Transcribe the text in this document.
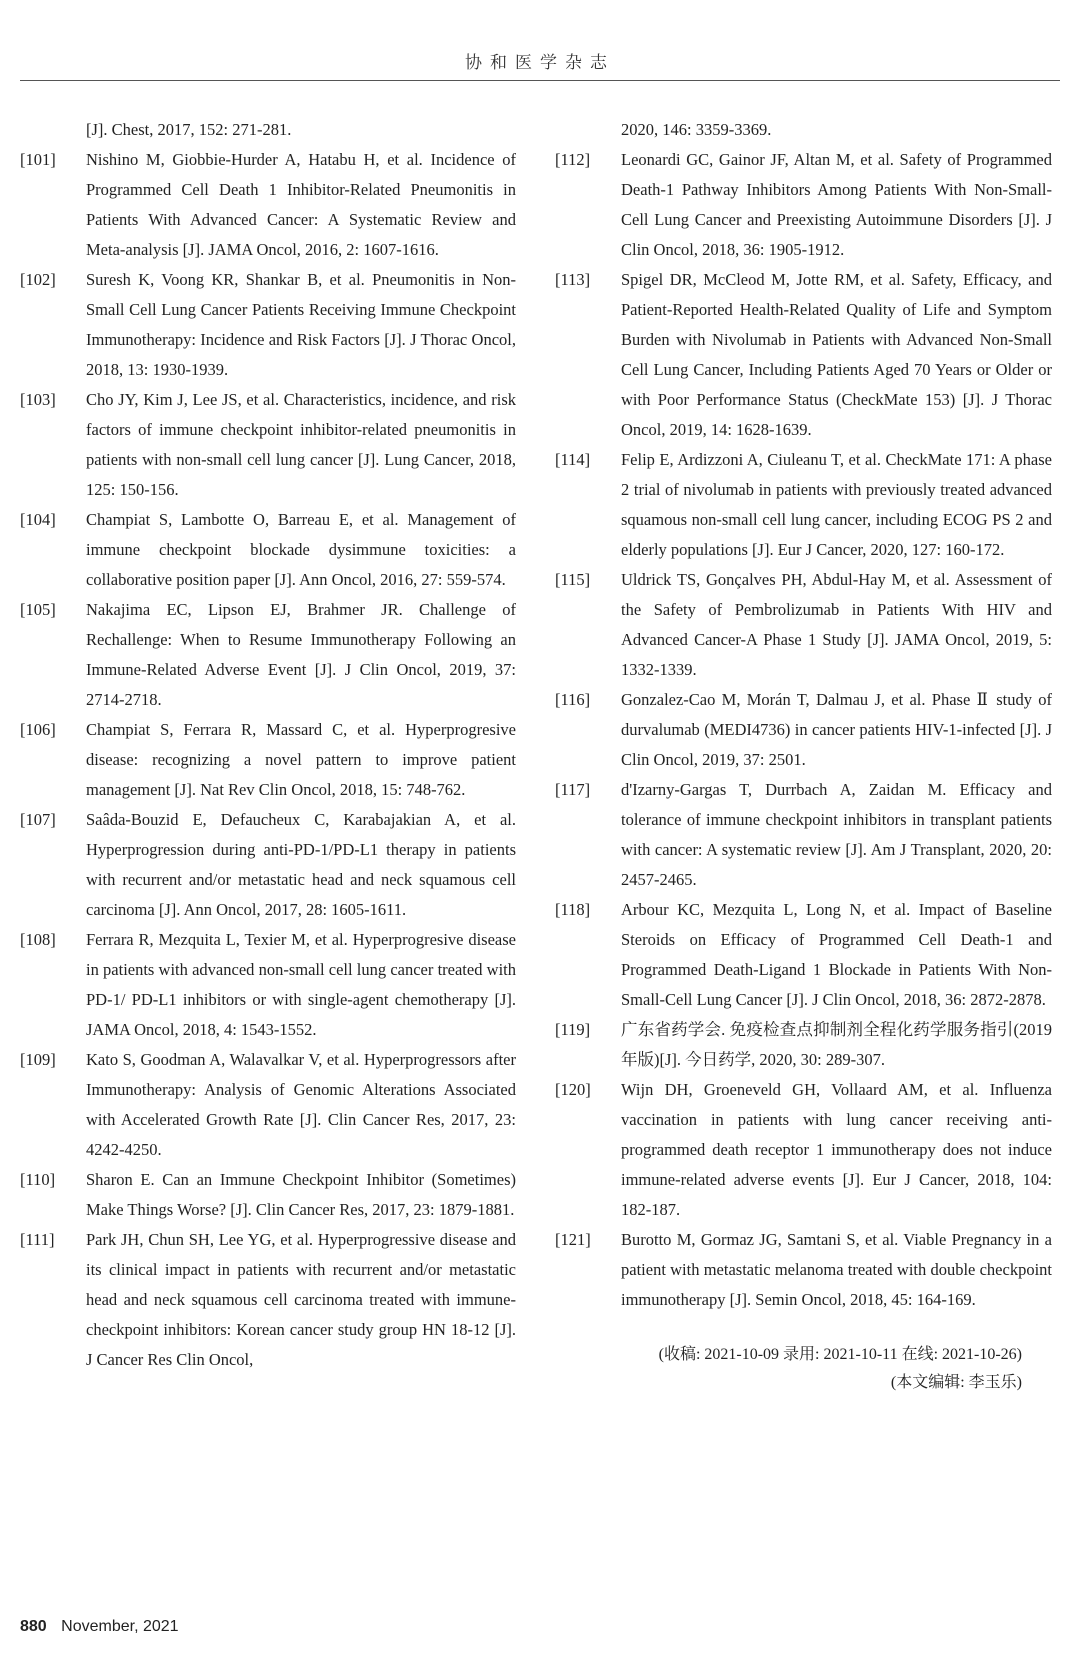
协和医学杂志
[J]. Chest, 2017, 152: 271-281.
[101] Nishino M, Giobbie-Hurder A, Hatabu H, et al. Incidence of Programmed Cell Death 1 Inhibitor-Related Pneumonitis in Patients With Advanced Cancer: A Systematic Review and Meta-analysis [J]. JAMA Oncol, 2016, 2: 1607-1616.
[102] Suresh K, Voong KR, Shankar B, et al. Pneumonitis in Non-Small Cell Lung Cancer Patients Receiving Immune Checkpoint Immunotherapy: Incidence and Risk Factors [J]. J Thorac Oncol, 2018, 13: 1930-1939.
[103] Cho JY, Kim J, Lee JS, et al. Characteristics, incidence, and risk factors of immune checkpoint inhibitor-related pneumonitis in patients with non-small cell lung cancer [J]. Lung Cancer, 2018, 125: 150-156.
[104] Champiat S, Lambotte O, Barreau E, et al. Management of immune checkpoint blockade dysimmune toxicities: a collaborative position paper [J]. Ann Oncol, 2016, 27: 559-574.
[105] Nakajima EC, Lipson EJ, Brahmer JR. Challenge of Rechallenge: When to Resume Immunotherapy Following an Immune-Related Adverse Event [J]. J Clin Oncol, 2019, 37: 2714-2718.
[106] Champiat S, Ferrara R, Massard C, et al. Hyperprogresive disease: recognizing a novel pattern to improve patient management [J]. Nat Rev Clin Oncol, 2018, 15: 748-762.
[107] Saâda-Bouzid E, Defaucheux C, Karabajakian A, et al. Hyperprogression during anti-PD-1/PD-L1 therapy in patients with recurrent and/or metastatic head and neck squamous cell carcinoma [J]. Ann Oncol, 2017, 28: 1605-1611.
[108] Ferrara R, Mezquita L, Texier M, et al. Hyperprogresive disease in patients with advanced non-small cell lung cancer treated with PD-1/ PD-L1 inhibitors or with single-agent chemotherapy [J]. JAMA Oncol, 2018, 4: 1543-1552.
[109] Kato S, Goodman A, Walavalkar V, et al. Hyperprogressors after Immunotherapy: Analysis of Genomic Alterations Associated with Accelerated Growth Rate [J]. Clin Cancer Res, 2017, 23: 4242-4250.
[110] Sharon E. Can an Immune Checkpoint Inhibitor (Sometimes) Make Things Worse? [J]. Clin Cancer Res, 2017, 23: 1879-1881.
[111] Park JH, Chun SH, Lee YG, et al. Hyperprogressive disease and its clinical impact in patients with recurrent and/or metastatic head and neck squamous cell carcinoma treated with immune-checkpoint inhibitors: Korean cancer study group HN 18-12 [J]. J Cancer Res Clin Oncol,
2020, 146: 3359-3369.
[112] Leonardi GC, Gainor JF, Altan M, et al. Safety of Programmed Death-1 Pathway Inhibitors Among Patients With Non-Small-Cell Lung Cancer and Preexisting Autoimmune Disorders [J]. J Clin Oncol, 2018, 36: 1905-1912.
[113] Spigel DR, McCleod M, Jotte RM, et al. Safety, Efficacy, and Patient-Reported Health-Related Quality of Life and Symptom Burden with Nivolumab in Patients with Advanced Non-Small Cell Lung Cancer, Including Patients Aged 70 Years or Older or with Poor Performance Status (CheckMate 153) [J]. J Thorac Oncol, 2019, 14: 1628-1639.
[114] Felip E, Ardizzoni A, Ciuleanu T, et al. CheckMate 171: A phase 2 trial of nivolumab in patients with previously treated advanced squamous non-small cell lung cancer, including ECOG PS 2 and elderly populations [J]. Eur J Cancer, 2020, 127: 160-172.
[115] Uldrick TS, Gonçalves PH, Abdul-Hay M, et al. Assessment of the Safety of Pembrolizumab in Patients With HIV and Advanced Cancer-A Phase 1 Study [J]. JAMA Oncol, 2019, 5: 1332-1339.
[116] Gonzalez-Cao M, Morán T, Dalmau J, et al. Phase Ⅱ study of durvalumab (MEDI4736) in cancer patients HIV-1-infected [J]. J Clin Oncol, 2019, 37: 2501.
[117] d'Izarny-Gargas T, Durrbach A, Zaidan M. Efficacy and tolerance of immune checkpoint inhibitors in transplant patients with cancer: A systematic review [J]. Am J Transplant, 2020, 20: 2457-2465.
[118] Arbour KC, Mezquita L, Long N, et al. Impact of Baseline Steroids on Efficacy of Programmed Cell Death-1 and Programmed Death-Ligand 1 Blockade in Patients With Non-Small-Cell Lung Cancer [J]. J Clin Oncol, 2018, 36: 2872-2878.
[119] 广东省药学会. 免疫检查点抑制剂全程化药学服务指引(2019年版)[J]. 今日药学, 2020, 30: 289-307.
[120] Wijn DH, Groeneveld GH, Vollaard AM, et al. Influenza vaccination in patients with lung cancer receiving anti-programmed death receptor 1 immunotherapy does not induce immune-related adverse events [J]. Eur J Cancer, 2018, 104: 182-187.
[121] Burotto M, Gormaz JG, Samtani S, et al. Viable Pregnancy in a patient with metastatic melanoma treated with double checkpoint immunotherapy [J]. Semin Oncol, 2018, 45: 164-169.
(收稿: 2021-10-09 录用: 2021-10-11 在线: 2021-10-26)
(本文编辑: 李玉乐)
880 November, 2021
